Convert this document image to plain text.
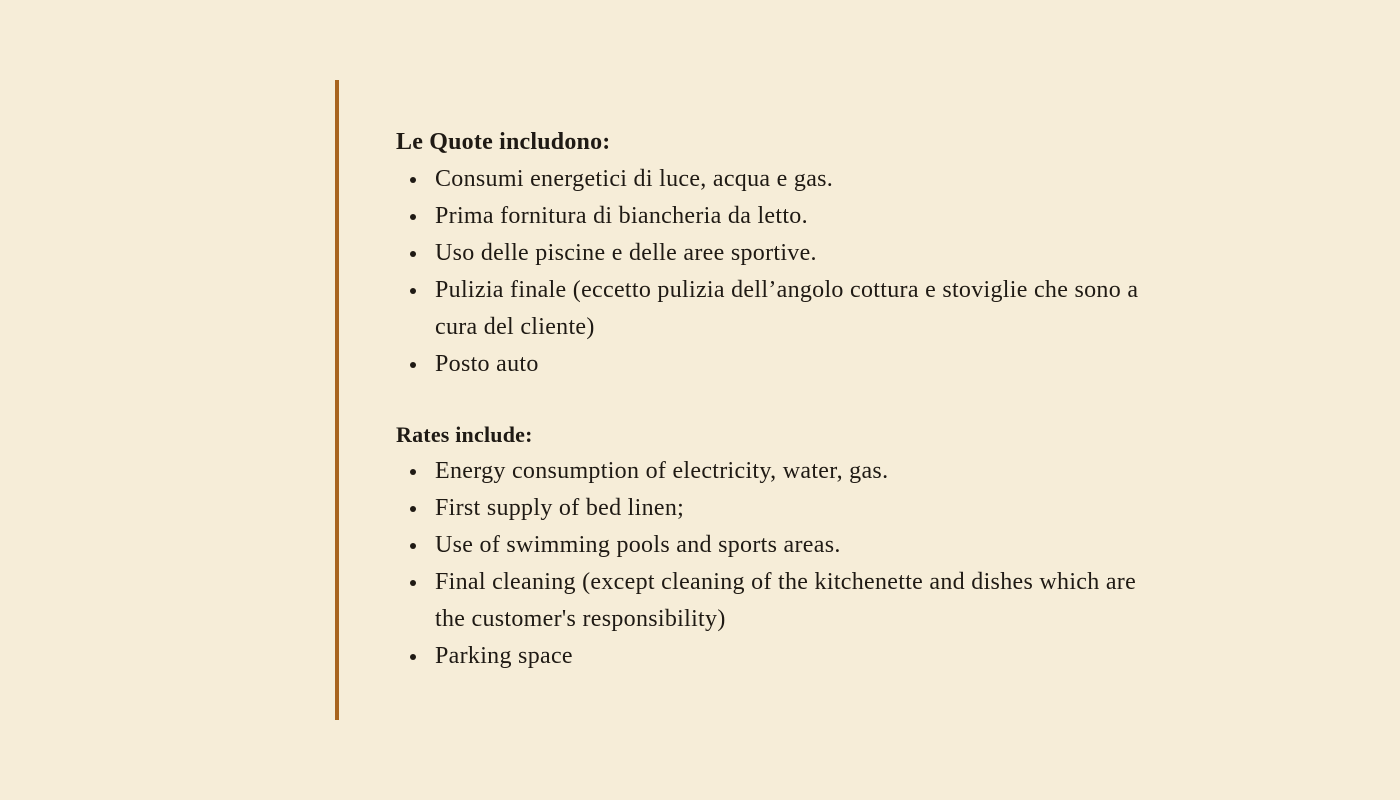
Le Quote includono:

Consumi energetici di luce, acqua e gas.
Prima fornitura di biancheria da letto.
Uso delle piscine e delle aree sportive.
Pulizia finale (eccetto pulizia dell’angolo cottura e stoviglie che sono a cura del cliente)
Posto auto

Rates include:

Energy consumption of electricity, water, gas.
First supply of bed linen;
Use of swimming pools and sports areas.
Final cleaning (except cleaning of the kitchenette and dishes which are the customer's responsibility)
Parking space
